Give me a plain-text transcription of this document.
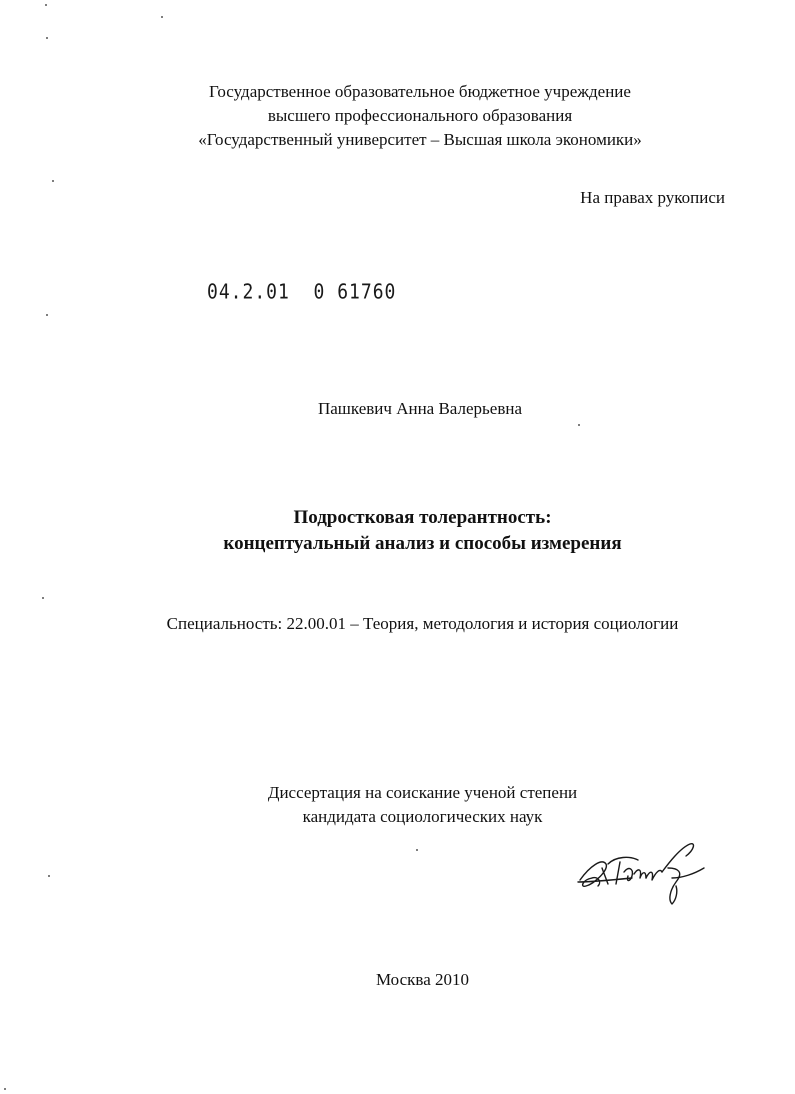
Государственное образовательное бюджетное учреждение
высшего профессионального образования
«Государственный университет – Высшая школа экономики»
На правах рукописи
04.2.01  0 61760
Пашкевич Анна Валерьевна
Подростковая толерантность:
концептуальный анализ и способы измерения
Специальность: 22.00.01 – Теория, методология и история социологии
Диссертация на соискание ученой степени
кандидата социологических наук
Москва 2010
